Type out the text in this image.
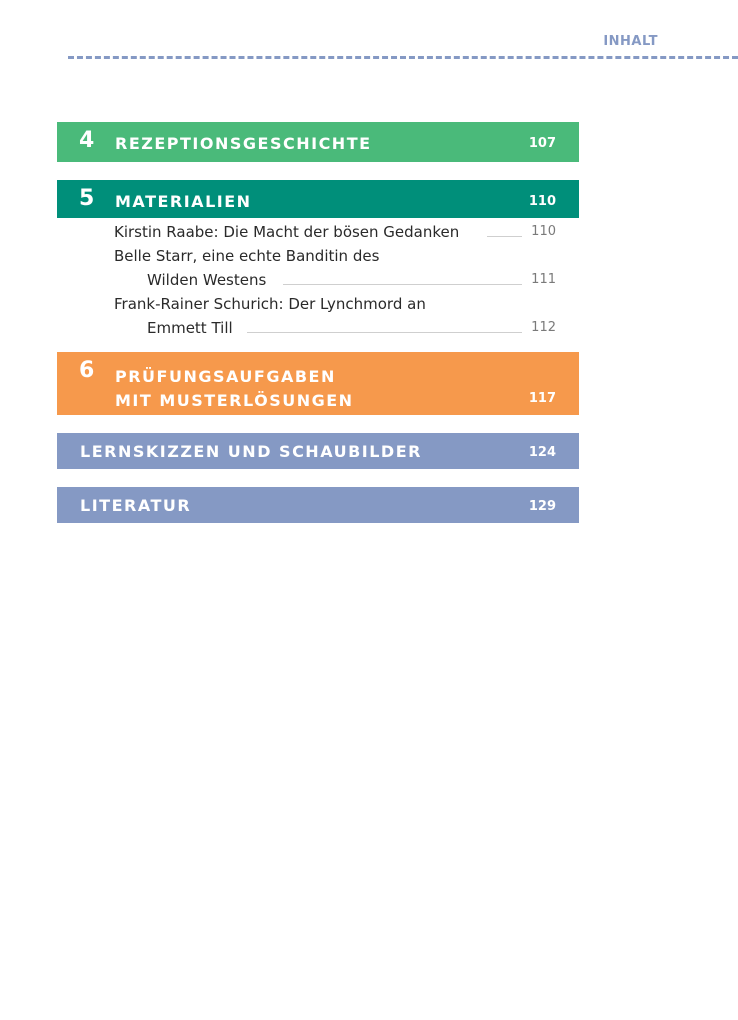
INHALT
4 REZEPTIONSGESCHICHTE	107
5 MATERIALIEN	110
Kirstin Raabe: Die Macht der bösen Gedanken	110
Belle Starr, eine echte Banditin des
Wilden Westens	111
Frank-Rainer Schurich: Der Lynchmord an
Emmett Till	112
6 PRÜFUNGSAUFGABEN
MIT MUSTERLÖSUNGEN	117
LERNSKIZZEN UND SCHAUBILDER	124
LITERATUR	129
